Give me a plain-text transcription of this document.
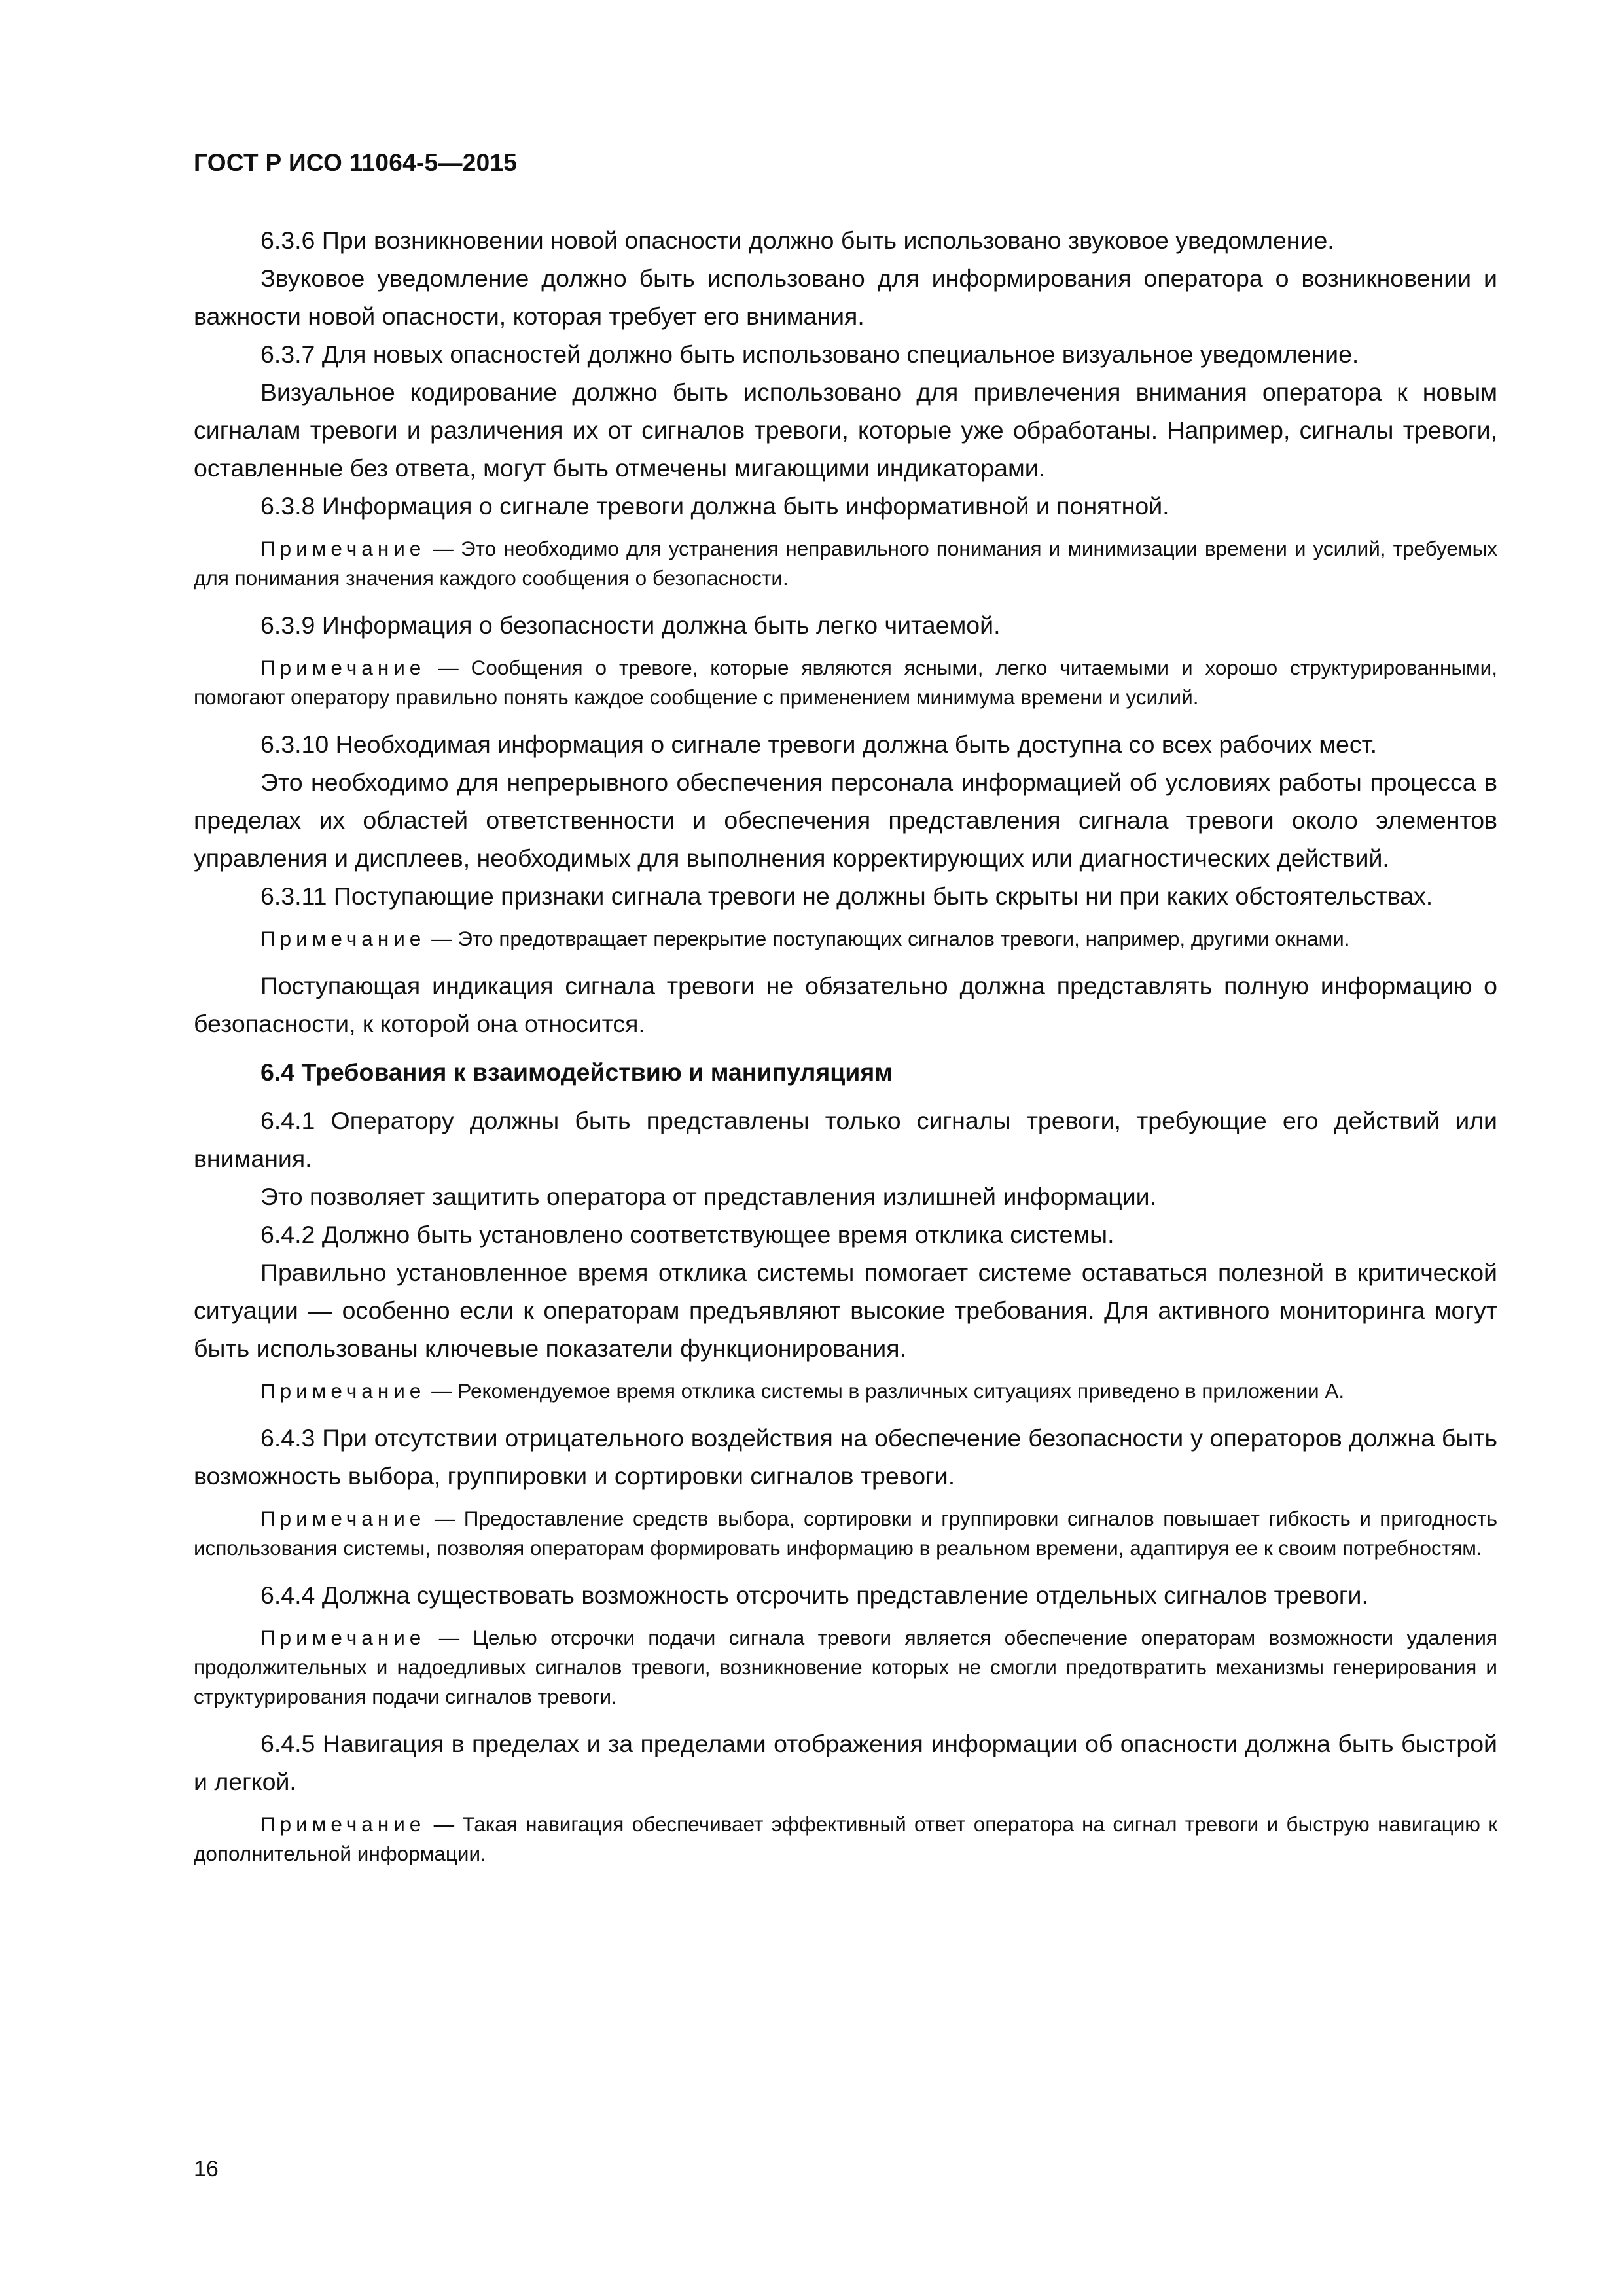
ГОСТ Р ИСО 11064-5—2015

6.3.6 При возникновении новой опасности должно быть использовано звуковое уведомление.

Звуковое уведомление должно быть использовано для информирования оператора о возникновении и важности новой опасности, которая требует его внимания.

6.3.7 Для новых опасностей должно быть использовано специальное визуальное уведомление.

Визуальное кодирование должно быть использовано для привлечения внимания оператора к новым сигналам тревоги и различения их от сигналов тревоги, которые уже обработаны. Например, сигналы тревоги, оставленные без ответа, могут быть отмечены мигающими индикаторами.

6.3.8 Информация о сигнале тревоги должна быть информативной и понятной.

Примечание — Это необходимо для устранения неправильного понимания и минимизации времени и усилий, требуемых для понимания значения каждого сообщения о безопасности.

6.3.9 Информация о безопасности должна быть легко читаемой.

Примечание — Сообщения о тревоге, которые являются ясными, легко читаемыми и хорошо структурированными, помогают оператору правильно понять каждое сообщение с применением минимума времени и усилий.

6.3.10 Необходимая информация о сигнале тревоги должна быть доступна со всех рабочих мест.

Это необходимо для непрерывного обеспечения персонала информацией об условиях работы процесса в пределах их областей ответственности и обеспечения представления сигнала тревоги около элементов управления и дисплеев, необходимых для выполнения корректирующих или диагностических действий.

6.3.11 Поступающие признаки сигнала тревоги не должны быть скрыты ни при каких обстоятельствах.

Примечание — Это предотвращает перекрытие поступающих сигналов тревоги, например, другими окнами.

Поступающая индикация сигнала тревоги не обязательно должна представлять полную информацию о безопасности, к которой она относится.

6.4 Требования к взаимодействию и манипуляциям

6.4.1 Оператору должны быть представлены только сигналы тревоги, требующие его действий или внимания.

Это позволяет защитить оператора от представления излишней информации.

6.4.2 Должно быть установлено соответствующее время отклика системы.

Правильно установленное время отклика системы помогает системе оставаться полезной в критической ситуации — особенно если к операторам предъявляют высокие требования. Для активного мониторинга могут быть использованы ключевые показатели функционирования.

Примечание — Рекомендуемое время отклика системы в различных ситуациях приведено в приложении А.

6.4.3 При отсутствии отрицательного воздействия на обеспечение безопасности у операторов должна быть возможность выбора, группировки и сортировки сигналов тревоги.

Примечание — Предоставление средств выбора, сортировки и группировки сигналов повышает гибкость и пригодность использования системы, позволяя операторам формировать информацию в реальном времени, адаптируя ее к своим потребностям.

6.4.4 Должна существовать возможность отсрочить представление отдельных сигналов тревоги.

Примечание — Целью отсрочки подачи сигнала тревоги является обеспечение операторам возможности удаления продолжительных и надоедливых сигналов тревоги, возникновение которых не смогли предотвратить механизмы генерирования и структурирования подачи сигналов тревоги.

6.4.5 Навигация в пределах и за пределами отображения информации об опасности должна быть быстрой и легкой.

Примечание — Такая навигация обеспечивает эффективный ответ оператора на сигнал тревоги и быструю навигацию к дополнительной информации.

16
